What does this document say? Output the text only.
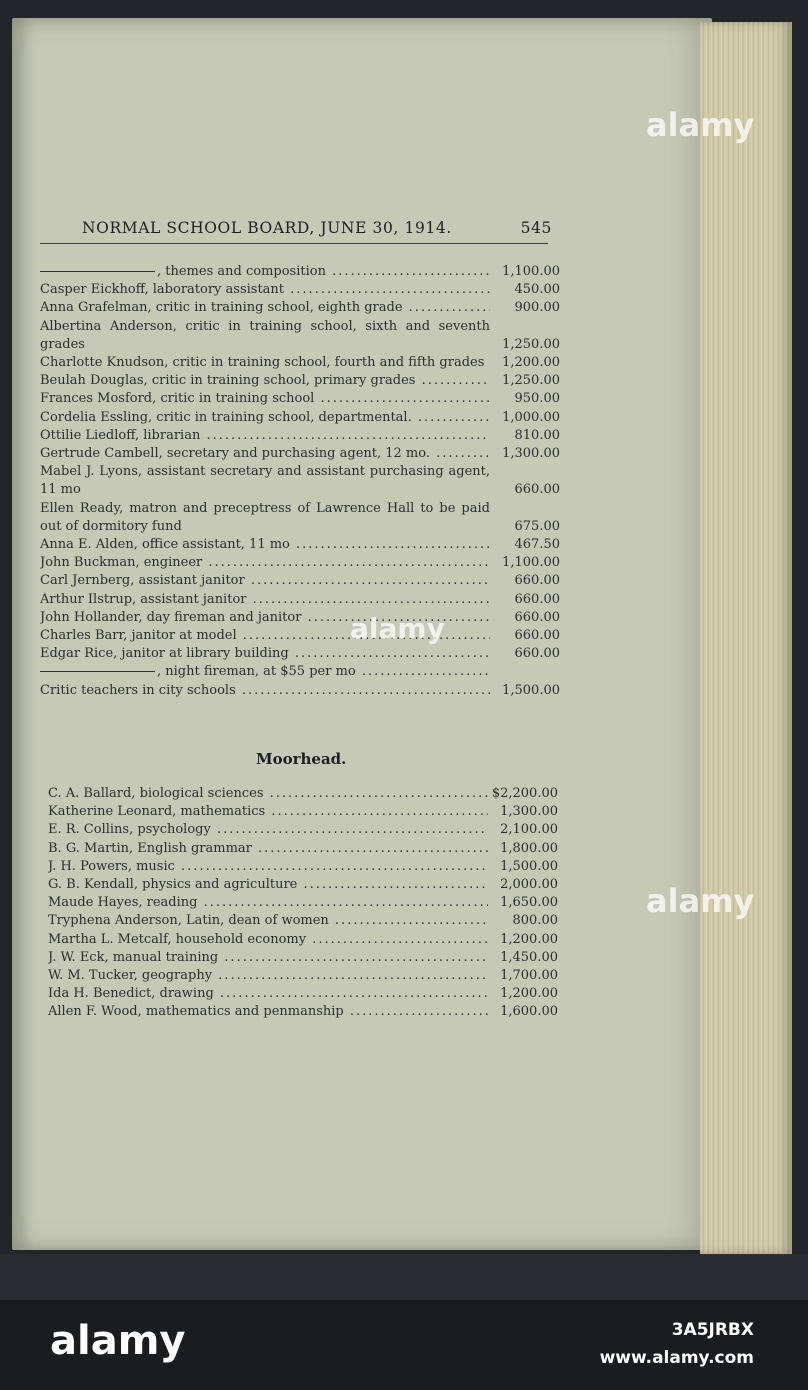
NORMAL SCHOOL BOARD, JUNE 30, 1914.	545
, themes and composition .....	1,100.00
Casper Eickhoff, laboratory assistant .....	450.00
Anna Grafelman, critic in training school, eighth grade .....	900.00
Albertina Anderson, critic in training school, sixth and seventh grades	1,250.00
Charlotte Knudson, critic in training school, fourth and fifth grades	1,200.00
Beulah Douglas, critic in training school, primary grades .....	1,250.00
Frances Mosford, critic in training school .....	950.00
Cordelia Essling, critic in training school, departmental. .....	1,000.00
Ottilie Liedloff, librarian .....	810.00
Gertrude Cambell, secretary and purchasing agent, 12 mo. .....	1,300.00
Mabel J. Lyons, assistant secretary and assistant purchasing agent, 11 mo	660.00
Ellen Ready, matron and preceptress of Lawrence Hall to be paid out of dormitory fund	675.00
Anna E. Alden, office assistant, 11 mo .....	467.50
John Buckman, engineer .....	1,100.00
Carl Jernberg, assistant janitor .....	660.00
Arthur Ilstrup, assistant janitor .....	660.00
John Hollander, day fireman and janitor .....	660.00
Charles Barr, janitor at model .....	660.00
Edgar Rice, janitor at library building .....	660.00
, night fireman, at $55 per mo .....
Critic teachers in city schools .....	1,500.00
Moorhead.
C. A. Ballard, biological sciences .....	$2,200.00
Katherine Leonard, mathematics .....	1,300.00
E. R. Collins, psychology .....	2,100.00
B. G. Martin, English grammar .....	1,800.00
J. H. Powers, music .....	1,500.00
G. B. Kendall, physics and agriculture .....	2,000.00
Maude Hayes, reading .....	1,650.00
Tryphena Anderson, Latin, dean of women .....	800.00
Martha L. Metcalf, household economy .....	1,200.00
J. W. Eck, manual training .....	1,450.00
W. M. Tucker, geography .....	1,700.00
Ida H. Benedict, drawing .....	1,200.00
Allen F. Wood, mathematics and penmanship .....	1,600.00
alamy
alamy
alamy
alamy	3A5JRBX
www.alamy.com
